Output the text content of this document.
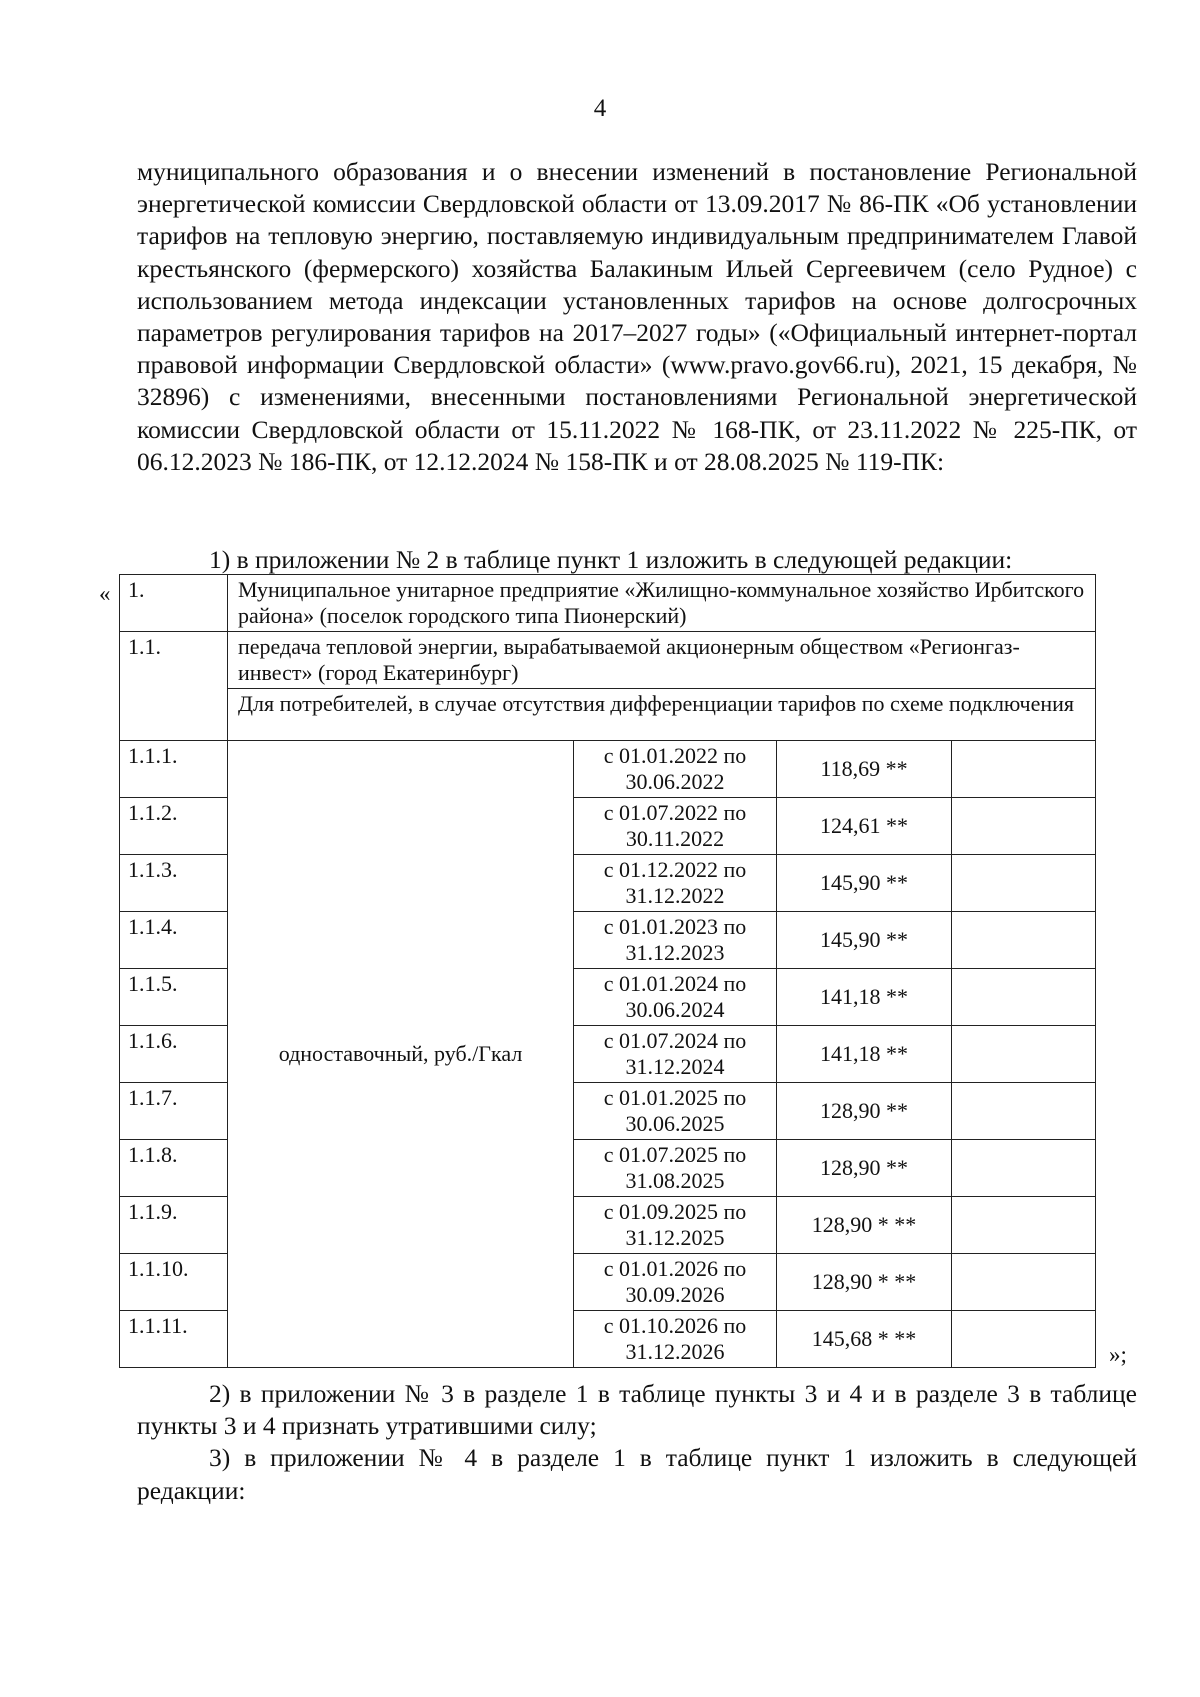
4

муниципального образования и о внесении изменений в постановление Региональной энергетической комиссии Свердловской области от 13.09.2017 № 86-ПК «Об установлении тарифов на тепловую энергию, поставляемую индивидуальным предпринимателем Главой крестьянского (фермерского) хозяйства Балакиным Ильей Сергеевичем (село Рудное) с использованием метода индексации установленных тарифов на основе долгосрочных параметров регулирования тарифов на 2017–2027 годы» («Официальный интернет-портал правовой информации Свердловской области» (www.pravo.gov66.ru), 2021, 15 декабря, № 32896) с изменениями, внесенными постановлениями Региональной энергетической комиссии Свердловской области от 15.11.2022 № 168-ПК, от 23.11.2022 № 225-ПК, от 06.12.2023 № 186-ПК, от 12.12.2024 № 158-ПК и от 28.08.2025 № 119-ПК:

1) в приложении № 2 в таблице пункт 1 изложить в следующей редакции:
« 1.	Муниципальное унитарное предприятие «Жилищно-коммунальное хозяйство Ирбитского района» (поселок городского типа Пионерский)			
1.1.	передача тепловой энергии, вырабатываемой акционерным обществом «Регионгаз-инвест» (город Екатеринбург)			
	Для потребителей, в случае отсутствия дифференциации тарифов по схеме подключения			
1.1.1.	одноставочный, руб./Гкал	с 01.01.2022 по 30.06.2022	118,69 **	
1.1.2.		с 01.07.2022 по 30.11.2022	124,61 **	
1.1.3.		с 01.12.2022 по 31.12.2022	145,90 **	
1.1.4.		с 01.01.2023 по 31.12.2023	145,90 **	
1.1.5.		с 01.01.2024 по 30.06.2024	141,18 **	
1.1.6.		с 01.07.2024 по 31.12.2024	141,18 **	
1.1.7.		с 01.01.2025 по 30.06.2025	128,90 **	
1.1.8.		с 01.07.2025 по 31.08.2025	128,90 **	
1.1.9.		с 01.09.2025 по 31.12.2025	128,90 * **	
1.1.10.		с 01.01.2026 по 30.09.2026	128,90 * **	
1.1.11.		с 01.10.2026 по 31.12.2026	145,68 * **	
»;

2) в приложении № 3 в разделе 1 в таблице пункты 3 и 4 и в разделе 3 в таблице пункты 3 и 4 признать утратившими силу;

3) в приложении № 4 в разделе 1 в таблице пункт 1 изложить в следующей редакции:
